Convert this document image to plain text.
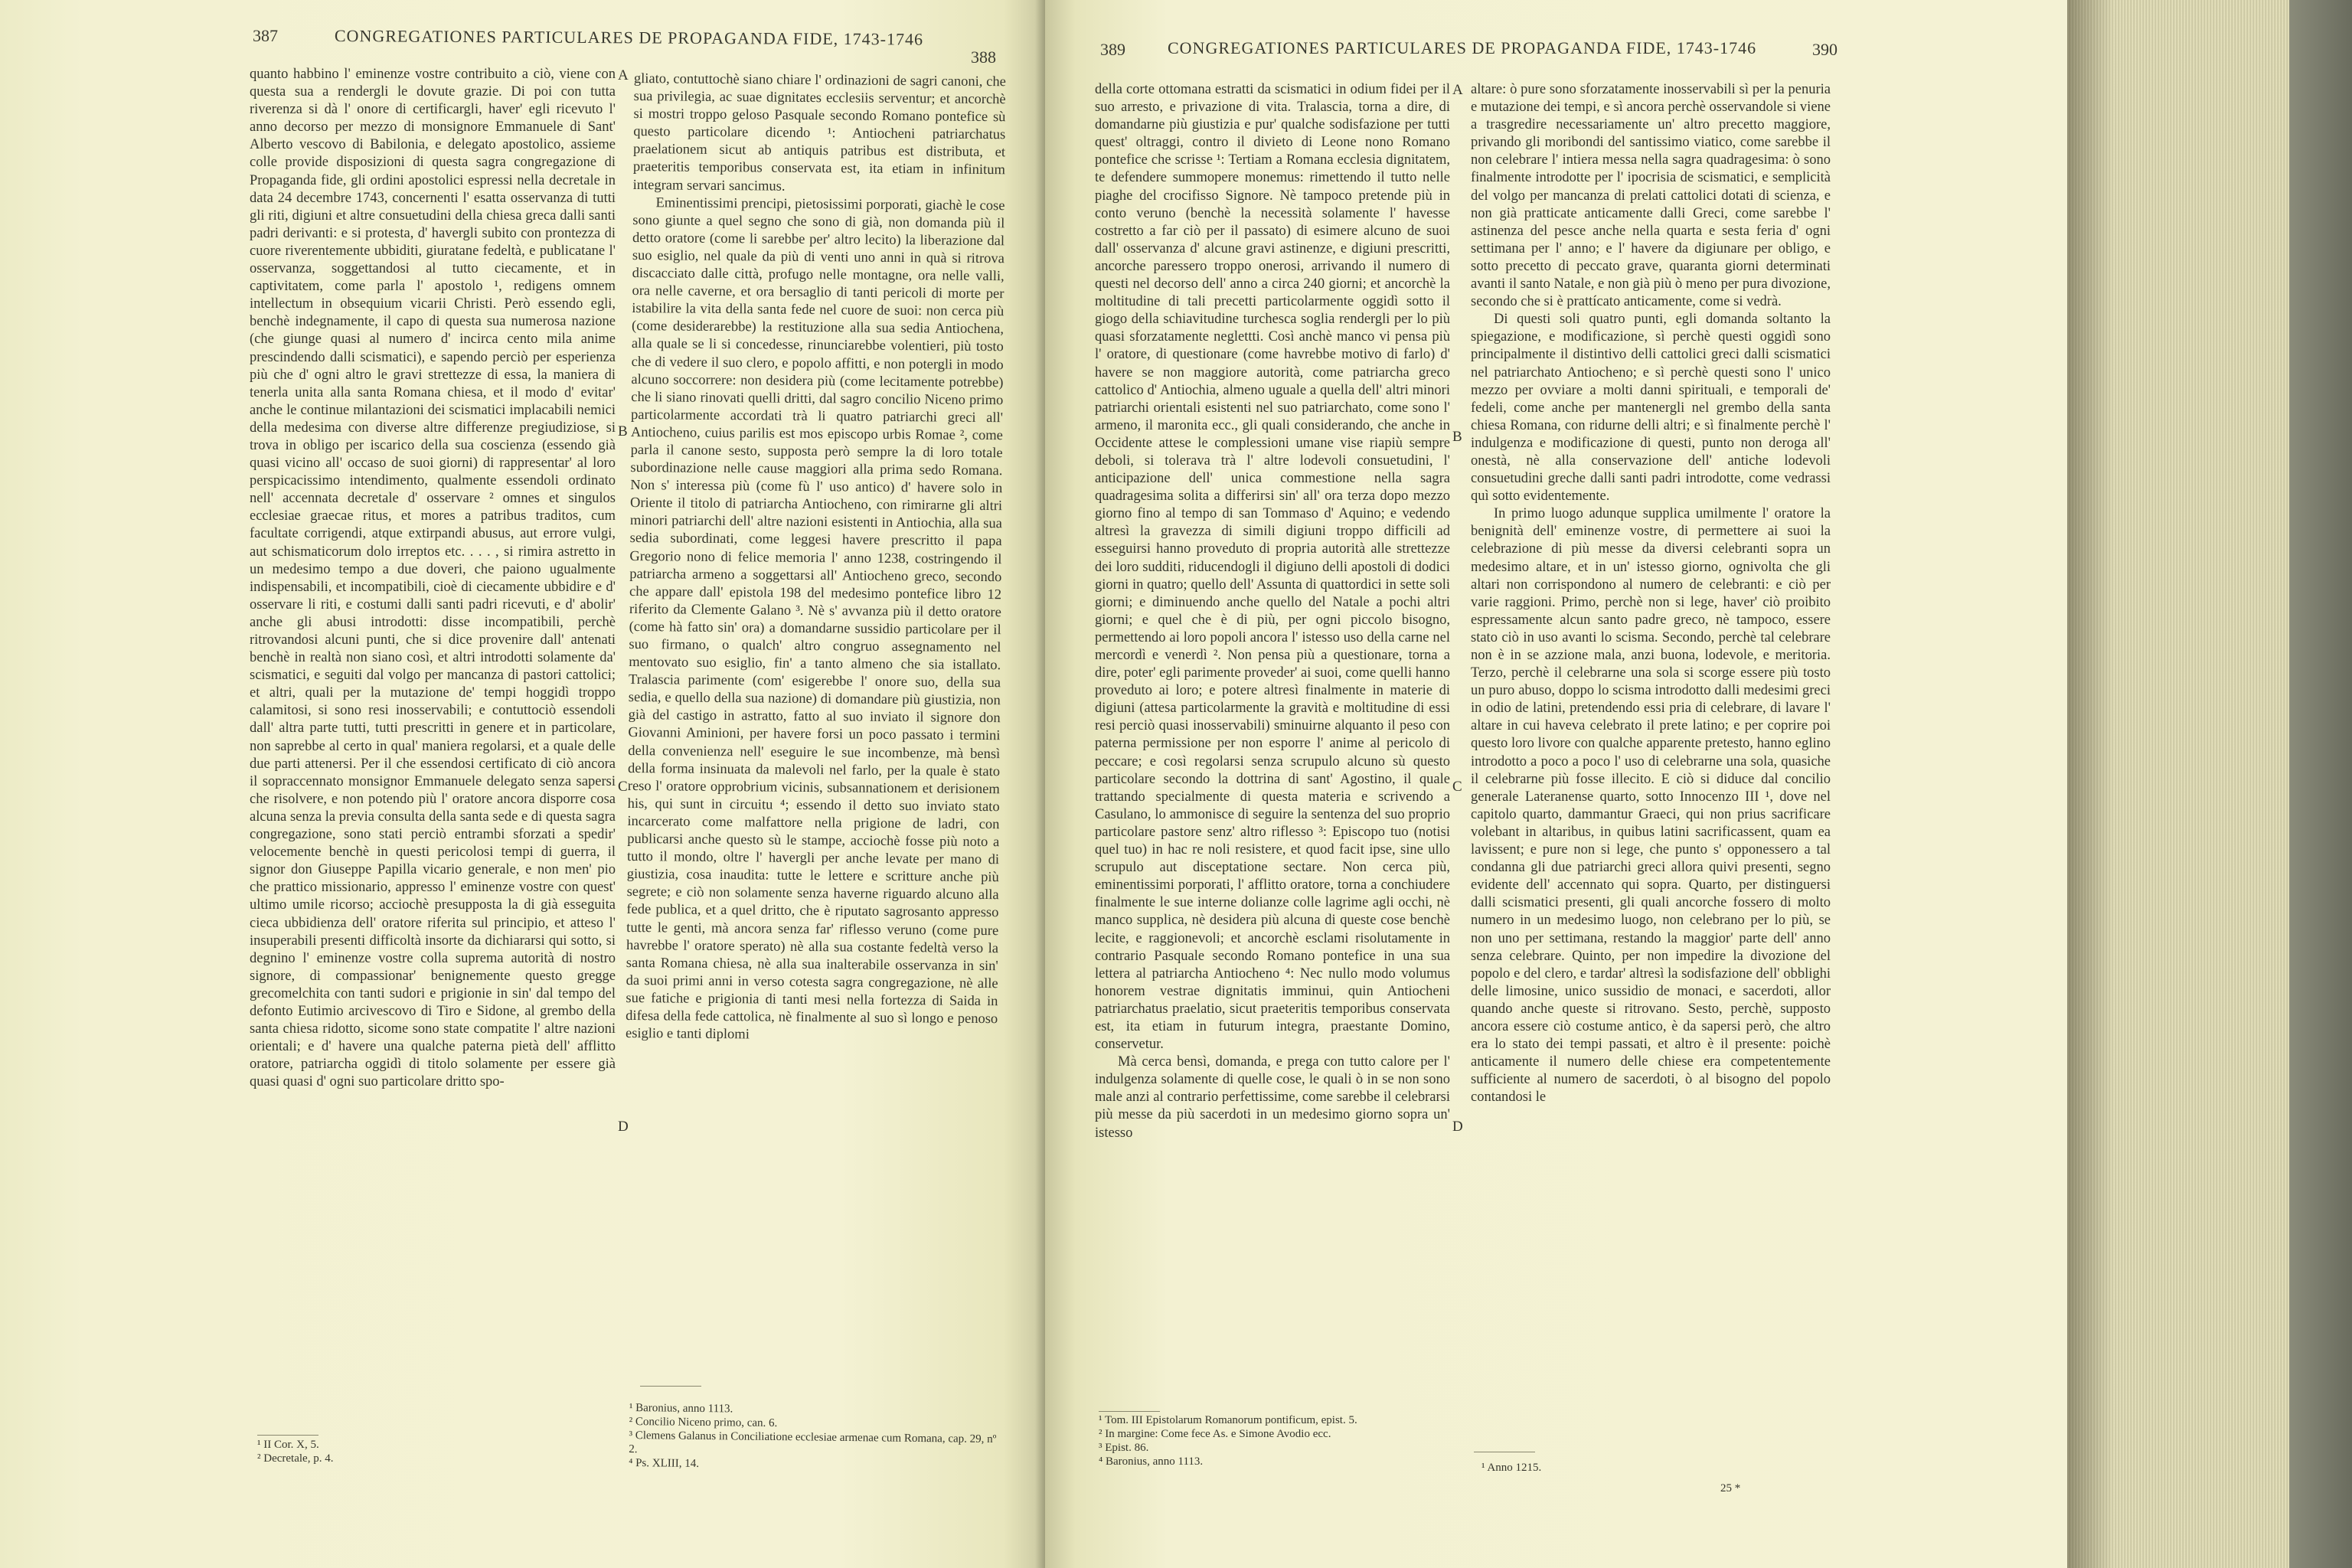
387	CONGREGATIONES PARTICULARES DE PROPAGANDA FIDE, 1743-1746
388

quanto habbino l' eminenze vostre contribuito a ciò, viene con questa sua a rendergli le dovute grazie. Di poi con tutta riverenza si dà l' onore di certificargli, haver' egli ricevuto l' anno decorso per mezzo di monsignore Emmanuele di Sant' Alberto vescovo di Babilonia, e delegato apostolico, assieme colle provide disposizioni di questa sagra congregazione di Propaganda fide, gli ordini apostolici espressi nella decretale in data 24 decembre 1743, concernenti l' esatta osservanza di tutti gli riti, digiuni et altre consuetudini della chiesa greca dalli santi padri derivanti: e si protesta, d' havergli subito con prontezza di cuore riverentemente ubbiditi, giuratane fedeltà, e publicatane l' osservanza, soggettandosi al tutto ciecamente, et in captivitatem, come parla l' apostolo ¹, redigens omnem intellectum in obsequium vicarii Christi. Però essendo egli, benchè indegnamente, il capo di questa sua numerosa nazione (che giunge quasi al numero d' incirca cento mila anime prescindendo dalli scismatici), e sapendo perciò per esperienza più che d' ogni altro le gravi strettezze di essa, la maniera di tenerla unita alla santa Romana chiesa, et il modo d' evitar' anche le continue milantazioni dei scismatici implacabili nemici della medesima con diverse altre differenze pregiudiziose, si trova in obligo per iscarico della sua coscienza (essendo già quasi vicino all' occaso de suoi giorni) di rappresentar' al loro perspicacissimo intendimento, qualmente essendoli ordinato nell' accennata decretale d' osservare ² omnes et singulos ecclesiae graecae ritus, et mores a patribus traditos, cum facultate corrigendi, atque extirpandi abusus, aut errore vulgi, aut schismaticorum dolo irreptos etc. . . . , si rimira astretto in un medesimo tempo a due doveri, che paiono ugualmente indispensabili, et incompatibili, cioè di ciecamente ubbidire e d' osservare li riti, e costumi dalli santi padri ricevuti, e d' abolir' anche gli abusi introdotti: disse incompatibili, perchè ritrovandosi alcuni punti, che si dice provenire dall' antenati benchè in realtà non siano così, et altri introdotti solamente da' scismatici, e seguiti dal volgo per mancanza di pastori cattolici; et altri, quali per la mutazione de' tempi hoggidì troppo calamitosi, si sono resi inosservabili; e contuttociò essendoli dall' altra parte tutti, tutti prescritti in genere et in particolare, non saprebbe al certo in qual' maniera regolarsi, et a quale delle due parti attenersi. Per il che essendosi certificato di ciò ancora il sopraccennato monsignor Emmanuele delegato senza sapersi che risolvere, e non potendo più l' oratore ancora disporre cosa alcuna senza la previa consulta della santa sede e di questa sagra congregazione, sono stati perciò entrambi sforzati a spedir' velocemente benchè in questi pericolosi tempi di guerra, il signor don Giuseppe Papilla vicario generale, e non men' pio che prattico missionario, appresso l' eminenze vostre con quest' ultimo umile ricorso; acciochè presupposta la di già esseguita cieca ubbidienza dell' oratore riferita sul principio, et atteso l' insuperabili presenti difficoltà insorte da dichiararsi qui sotto, si degnino l' eminenze vostre colla suprema autorità di nostro signore, di compassionar' benignemente questo gregge grecomelchita con tanti sudori e prigionie in sin' dal tempo del defonto Eutimio arcivescovo di Tiro e Sidone, al grembo della santa chiesa ridotto, sicome sono state compatite l' altre nazioni orientali; e d' havere una qualche paterna pietà dell' afflitto oratore, patriarcha oggidì di titolo solamente per essere già quasi quasi d' ogni suo particolare dritto spo-

¹ II Cor. X, 5.
² Decretale, p. 4.
A
B
C
D

gliato, contuttochè siano chiare l' ordinazioni de sagri canoni, che sua privilegia, ac suae dignitates ecclesiis serventur; et ancorchè si mostri troppo geloso Pasquale secondo Romano pontefice sù questo particolare dicendo ¹: Antiocheni patriarchatus praelationem sicut ab antiquis patribus est distributa, et praeteritis temporibus conservata est, ita etiam in infinitum integram servari sancimus.

Eminentissimi prencipi, pietosissimi porporati, giachè le cose sono giunte a quel segno che sono di già, non domanda più il detto oratore (come li sarebbe per' altro lecito) la liberazione dal suo esiglio, nel quale da più di venti uno anni in quà si ritrova discacciato dalle città, profugo nelle montagne, ora nelle valli, ora nelle caverne, et ora bersaglio di tanti pericoli di morte per istabilire la vita della santa fede nel cuore de suoi: non cerca più (come desiderarebbe) la restituzione alla sua sedia Antiochena, alla quale se li si concedesse, rinunciarebbe volentieri, più tosto che di vedere il suo clero, e popolo affitti, e non potergli in modo alcuno soccorrere: non desidera più (come lecitamente potrebbe) che li siano rinovati quelli dritti, dal sagro concilio Niceno primo particolarmente accordati trà li quatro patriarchi greci all' Antiocheno, cuius parilis est mos episcopo urbis Romae ², come parla il canone sesto, supposta però sempre la di loro totale subordinazione nelle cause maggiori alla prima sedo Romana. Non s' interessa più (come fù l' uso antico) d' havere solo in Oriente il titolo di patriarcha Antiocheno, con rimirarne gli altri minori patriarchi dell' altre nazioni esistenti in Antiochia, alla sua sedia subordinati, come leggesi havere prescritto il papa Gregorio nono di felice memoria l' anno 1238, costringendo il patriarcha armeno a soggettarsi all' Antiocheno greco, secondo che appare dall' epistola 198 del medesimo pontefice libro 12 riferito da Clemente Galano ³. Nè s' avvanza più il detto oratore (come hà fatto sin' ora) a domandarne sussidio particolare per il suo firmano, o qualch' altro congruo assegnamento nel mentovato suo esiglio, fin' a tanto almeno che sia istallato. Tralascia parimente (com' esigerebbe l' onore suo, della sua sedia, e quello della sua nazione) di domandare più giustizia, non già del castigo in astratto, fatto al suo inviato il signore don Giovanni Aminioni, per havere forsi un poco passato i termini della convenienza nell' eseguire le sue incombenze, mà bensì della forma insinuata da malevoli nel farlo, per la quale è stato reso l' oratore opprobrium vicinis, subsannationem et derisionem his, qui sunt in circuitu ⁴; essendo il detto suo inviato stato incarcerato come malfattore nella prigione de ladri, con publicarsi anche questo sù le stampe, acciochè fosse più noto a tutto il mondo, oltre l' havergli per anche levate per mano di giustizia, cosa inaudita: tutte le lettere e scritture anche più segrete; e ciò non solamente senza haverne riguardo alcuno alla fede publica, et a quel dritto, che è riputato sagrosanto appresso tutte le genti, mà ancora senza far' riflesso veruno (come pure havrebbe l' oratore sperato) nè alla sua costante fedeltà verso la santa Romana chiesa, nè alla sua inalterabile osservanza in sin' da suoi primi anni in verso cotesta sagra congregazione, nè alle sue fatiche e prigionia di tanti mesi nella fortezza di Saida in difesa della fede cattolica, nè finalmente al suo sì longo e penoso esiglio e tanti diplomi

¹ Baronius, anno 1113.
² Concilio Niceno primo, can. 6.
³ Clemens Galanus in Conciliatione ecclesiae armenae cum Romana, cap. 29, nº 2.
⁴ Ps. XLIII, 14.
389	CONGREGATIONES PARTICULARES DE PROPAGANDA FIDE, 1743-1746	390

della corte ottomana estratti da scismatici in odium fidei per il suo arresto, e privazione di vita. Tralascia, torna a dire, di domandarne più giustizia e pur' qualche sodisfazione per tutti quest' oltraggi, contro il divieto di Leone nono Romano pontefice che scrisse ¹: Tertiam a Romana ecclesia dignitatem, te defendere summopere monemus: rimettendo il tutto nelle piaghe del crocifisso Signore. Nè tampoco pretende più in conto veruno (benchè la necessità solamente l' havesse costretto a far ciò per il passato) di esimere alcuno de suoi dall' osservanza d' alcune gravi astinenze, e digiuni prescritti, ancorche paressero troppo onerosi, arrivando il numero di questi nel decorso dell' anno a circa 240 giorni; et ancorchè la moltitudine di tali precetti particolarmente oggidì sotto il giogo della schiavitudine turchesca soglia rendergli per lo più quasi sforzatamente neglettti. Così anchè manco vi pensa più l' oratore, di questionare (come havrebbe motivo di farlo) d' havere se non maggiore autorità, come patriarcha greco cattolico d' Antiochia, almeno uguale a quella dell' altri minori patriarchi orientali esistenti nel suo patriarchato, come sono l' armeno, il maronita ecc., gli quali considerando, che anche in Occidente attese le complessioni umane vise riapiù sempre deboli, si tolerava trà l' altre lodevoli consuetudini, l' anticipazione dell' unica commestione nella sagra quadragesima solita a differirsi sin' all' ora terza dopo mezzo giorno fino al tempo di san Tommaso d' Aquino; e vedendo altresì la gravezza di simili digiuni troppo difficili ad esseguirsi hanno proveduto di propria autorità alle strettezze dei loro sudditi, riducendogli il digiuno delli apostoli di dodici giorni in quatro; quello dell' Assunta di quattordici in sette soli giorni; e diminuendo anche quello del Natale a pochi altri giorni; e quel che è di più, per ogni piccolo bisogno, permettendo ai loro popoli ancora l' istesso uso della carne nel mercordì e venerdì ². Non pensa più a questionare, torna a dire, poter' egli parimente proveder' ai suoi, come quelli hanno proveduto ai loro; e potere altresì finalmente in materie di digiuni (attesa particolarmente la gravità e moltitudine di essi resi perciò quasi inosservabili) sminuirne alquanto il peso con paterna permissione per non esporre l' anime al pericolo di peccare; e così regolarsi senza scrupulo alcuno sù questo particolare secondo la dottrina di sant' Agostino, il quale trattando specialmente di questa materia e scrivendo a Casulano, lo ammonisce di seguire la sentenza del suo proprio particolare pastore senz' altro riflesso ³: Episcopo tuo (notisi quel tuo) in hac re noli resistere, et quod facit ipse, sine ullo scrupulo aut disceptatione sectare. Non cerca più, eminentissimi porporati, l' afflitto oratore, torna a conchiudere finalmente le sue interne dolianze colle lagrime agli occhi, nè manco supplica, nè desidera più alcuna di queste cose benchè lecite, e raggionevoli; et ancorchè esclami risolutamente in contrario Pasquale secondo Romano pontefice in una sua lettera al patriarcha Antiocheno ⁴: Nec nullo modo volumus honorem vestrae dignitatis imminui, quin Antiocheni patriarchatus praelatio, sicut praeteritis temporibus conservata est, ita etiam in futurum integra, praestante Domino, conservetur.

Mà cerca bensì, domanda, e prega con tutto calore per l' indulgenza solamente di quelle cose, le quali ò in se non sono male anzi al contrario perfettissime, come sarebbe il celebrarsi più messe da più sacerdoti in un medesimo giorno sopra un' istesso

¹ Tom. III Epistolarum Romanorum pontificum, epist. 5.
² In margine: Come fece As. e Simone Avodio ecc.
³ Epist. 86.
⁴ Baronius, anno 1113.
A
B
C
D

altare: ò pure sono sforzatamente inosservabili sì per la penuria e mutazione dei tempi, e sì ancora perchè osservandole si viene a trasgredire necessariamente un' altro precetto maggiore, privando gli moribondi del santissimo viatico, come sarebbe il non celebrare l' intiera messa nella sagra quadragesima: ò sono finalmente introdotte per l' ipocrisia de scismatici, e semplicità del volgo per mancanza di prelati cattolici dotati di scienza, e non già pratticate anticamente dalli Greci, come sarebbe l' astinenza del pesce anche nella quarta e sesta feria d' ogni settimana per l' anno; e l' havere da digiunare per obligo, e sotto precetto di peccato grave, quaranta giorni determinati avanti il santo Natale, e non già più ò meno per pura divozione, secondo che si è prattícato anticamente, come si vedrà.

Di questi soli quatro punti, egli domanda soltanto la spiegazione, e modificazione, sì perchè questi oggidì sono principalmente il distintivo delli cattolici greci dalli scismatici nel patriarchato Antiocheno; e sì perchè questi sono l' unico mezzo per ovviare a molti danni spirituali, e temporali de' fedeli, come anche per mantenergli nel grembo della santa chiesa Romana, con ridurne delli altri; e sì finalmente perchè l' indulgenza e modificazione di questi, punto non deroga all' onestà, nè alla conservazione dell' antiche lodevoli consuetudini greche dalli santi padri introdotte, come vedrassi quì sotto evidentemente.

In primo luogo adunque supplica umilmente l' oratore la benignità dell' eminenze vostre, di permettere ai suoi la celebrazione di più messe da diversi celebranti sopra un medesimo altare, et in un' istesso giorno, ognivolta che gli altari non corrispondono al numero de celebranti: e ciò per varie raggioni. Primo, perchè non si lege, haver' ciò proibito espressamente alcun santo padre greco, nè tampoco, essere stato ciò in uso avanti lo scisma. Secondo, perchè tal celebrare non è in se azzione mala, anzi buona, lodevole, e meritoria. Terzo, perchè il celebrarne una sola si scorge essere più tosto un puro abuso, doppo lo scisma introdotto dalli medesimi greci in odio de latini, pretendendo essi pria di celebrare, di lavare l' altare in cui haveva celebrato il prete latino; e per coprire poi questo loro livore con qualche apparente pretesto, hanno eglino introdotto a poco a poco l' uso di celebrarne una sola, quasiche il celebrarne più fosse illecito. E ciò si diduce dal concilio generale Lateranense quarto, sotto Innocenzo III ¹, dove nel capitolo quarto, dammantur Graeci, qui non prius sacrificare volebant in altaribus, in quibus latini sacrificassent, quam ea lavissent; e pure non si lege, che punto s' opponessero a tal condanna gli due patriarchi greci allora quivi presenti, segno evidente dell' accennato qui sopra. Quarto, per distinguersi dalli scismatici presenti, gli quali ancorche fossero di molto numero in un medesimo luogo, non celebrano per lo più, se non uno per settimana, restando la maggior' parte dell' anno senza celebrare. Quinto, per non impedire la divozione del popolo e del clero, e tardar' altresì la sodisfazione dell' obblighi delle limosine, unico sussidio de monaci, e sacerdoti, allor quando anche queste si ritrovano. Sesto, perchè, supposto ancora essere ciò costume antico, è da sapersi però, che altro era lo stato dei tempi passati, et altro è il presente: poichè anticamente il numero delle chiese era competentemente sufficiente al numero de sacerdoti, ò al bisogno del popolo contandosi le

¹ Anno 1215.
25 *
